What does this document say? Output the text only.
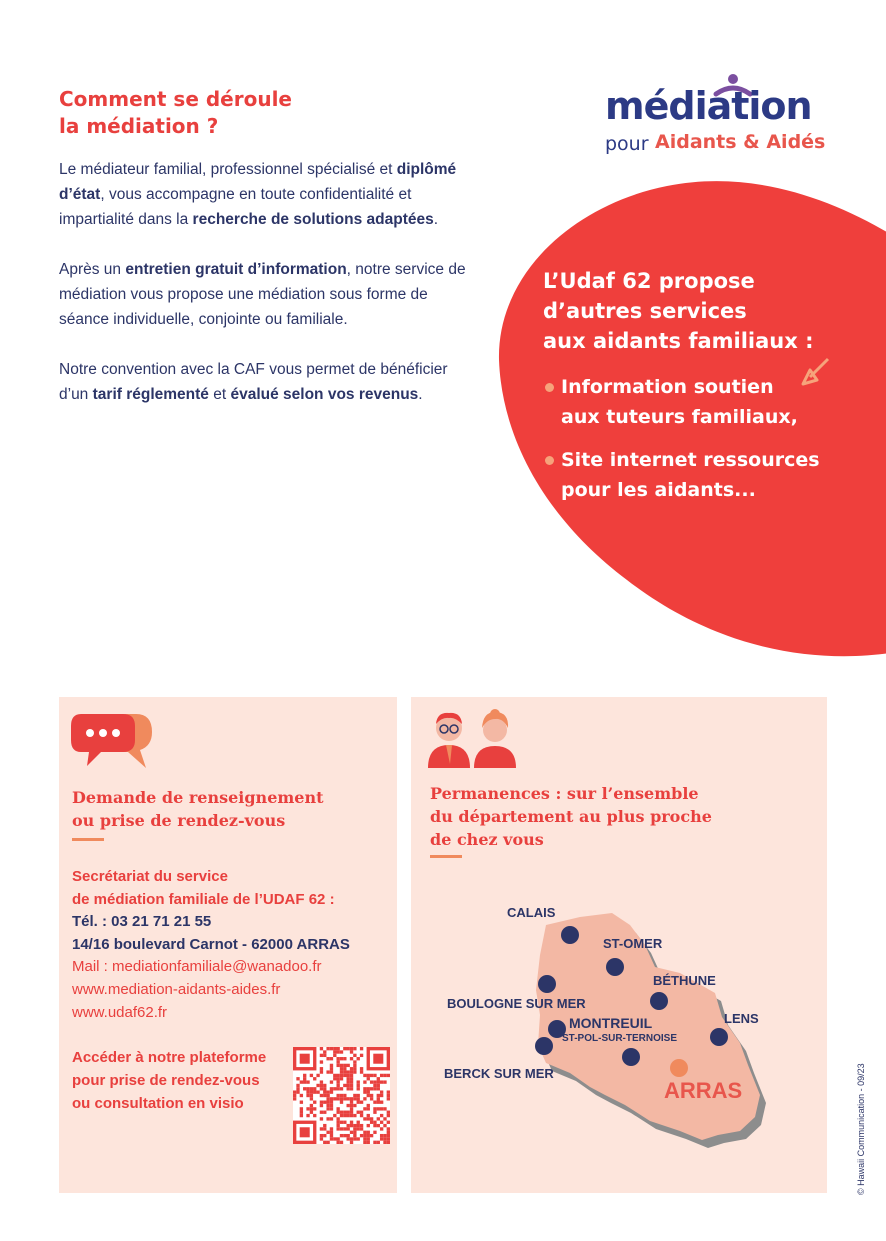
Comment se déroule
la médiation ?

Le médiateur familial, professionnel spécialisé et diplômé d’état, vous accompagne en toute confidentialité et impartialité dans la recherche de solutions adaptées.

Après un entretien gratuit d’information, notre service de médiation vous propose une médiation sous forme de séance individuelle, conjointe ou familiale.

Notre convention avec la CAF vous permet de bénéficier d’un tarif réglementé et évalué selon vos revenus.

médiation
pour Aidants & Aidés
L’Udaf 62 propose
d’autres services
aux aidants familiaux :
Information soutien
aux tuteurs familiaux,
Site internet ressources
pour les aidants...
Demande de renseignement
ou prise de rendez-vous
Secrétariat du service
de médiation familiale de l’UDAF 62 :
Tél. : 03 21 71 21 55
14/16 boulevard Carnot - 62000 ARRAS
Mail : mediationfamiliale@wanadoo.fr
www.mediation-aidants-aides.fr
www.udaf62.fr
Accéder à notre plateforme
pour prise de rendez-vous
ou consultation en visio
Permanences : sur l’ensemble
du département au plus proche
de chez vous
CALAIS
ST-OMER
BÉTHUNE
BOULOGNE SUR MER
MONTREUIL	LENS
ST-POL-SUR-TERNOISE
BERCK SUR MER
ARRAS	© Hawaii Communication - 09/23
